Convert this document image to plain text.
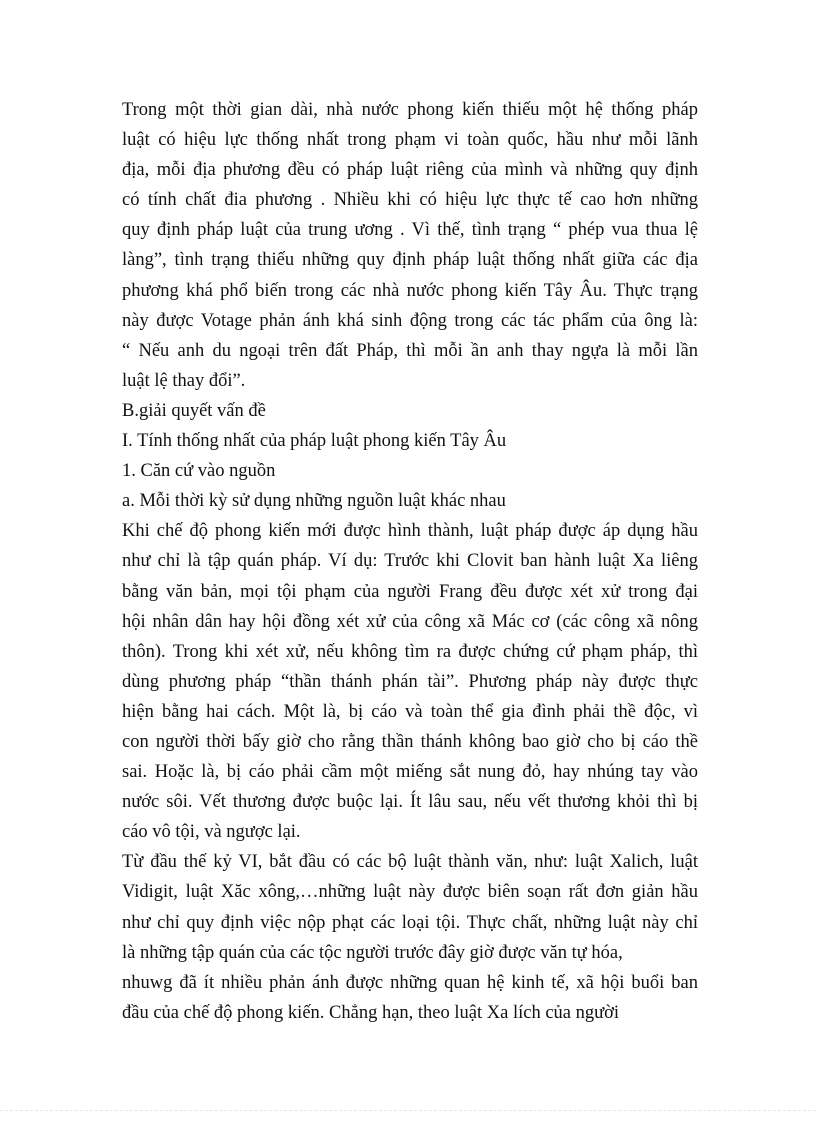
Trong một thời gian dài, nhà nước phong kiến thiếu một hệ thống pháp
luật có hiệu lực thống nhất trong phạm vi toàn quốc, hầu như mỗi lãnh
địa, mỗi địa phương đều có pháp luật riêng của mình và những quy định
có tính chất đia phương . Nhiều khi có hiệu lực thực tế cao hơn những
quy định pháp luật của trung ương . Vì thế, tình trạng “ phép vua thua lệ
làng”, tình trạng thiếu những quy định pháp luật thống nhất giữa các địa
phương khá phổ biến trong các nhà nước phong kiến Tây Âu. Thực trạng
này được Votage phản ánh khá sinh động trong các tác phẩm của ông là:
“ Nếu anh du ngoại trên đất Pháp, thì mỗi ần anh thay ngựa là mỗi lần
luật lệ thay đổi”.
B.giải quyết vấn đề
I. Tính thống nhất của pháp luật phong kiến Tây Âu
1. Căn cứ vào nguồn
a. Mỗi thời kỳ sử dụng những nguồn luật khác nhau
Khi chế độ phong kiến mới được hình thành, luật pháp được áp dụng hầu
như chỉ là tập quán pháp. Ví dụ: Trước khi Clovit ban hành luật Xa liêng
bằng văn bản, mọi tội phạm của người Frang đều được xét xử trong đại
hội nhân dân hay hội đồng xét xử của công xã Mác cơ (các công xã nông
thôn). Trong khi xét xử, nếu không tìm ra được chứng cứ phạm pháp, thì
dùng phương pháp “thần thánh phán tài”. Phương pháp này được thực
hiện bằng hai cách. Một là, bị cáo và toàn thể gia đình phải thề độc, vì
con người thời bấy giờ cho rằng thần thánh không bao giờ cho bị cáo thề
sai. Hoặc là, bị cáo phải cầm một miếng sắt nung đỏ, hay nhúng tay vào
nước sôi. Vết thương được buộc lại. Ít lâu sau, nếu vết thương khỏi thì bị
cáo vô tội, và ngược lại.
Từ đầu thế kỷ VI, bắt đầu có các bộ luật thành văn, như: luật Xalich, luật
Vidigit, luật Xăc xông,…những luật này được biên soạn rất đơn giản hầu
như chỉ quy định việc nộp phạt các loại tội. Thực chất, những luật này chỉ
là những tập quán của các tộc người trước đây giờ được văn tự hóa,
nhuwg đã ít nhiều phản ánh được những quan hệ kinh tế, xã hội buổi ban
đầu của chế độ phong kiến. Chẳng hạn, theo luật Xa lích của người
